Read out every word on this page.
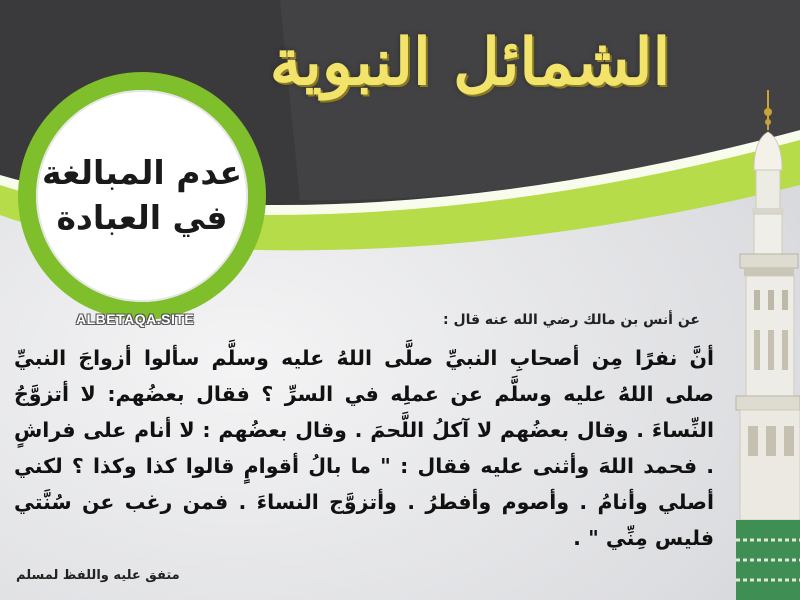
الشمائل النبوية
عدم المبالغة
في العبادة
ALBETAQA.SITE	عن أنس بن مالك رضي الله عنه قال :
أنَّ نفرًا مِن أصحابِ النبيِّ صلَّى اللهُ عليه وسلَّم سألوا أزواجَ النبيِّ صلى اللهُ عليه وسلَّم عن عملِه في السرِّ ؟ فقال بعضُهم: لا أتزوَّجُ النِّساءَ . وقال بعضُهم لا آكلُ اللَّحمَ . وقال بعضُهم : لا أنام على فراشٍ . فحمد اللهَ وأثنى عليه فقال : " ما بالُ أقوامٍ قالوا كذا وكذا ؟ لكني أصلي وأنامُ . وأصوم وأفطرُ . وأتزوَّج النساءَ . فمن رغب عن سُنَّتي فليس مِنِّي " .
متفق عليه واللفظ لمسلم
